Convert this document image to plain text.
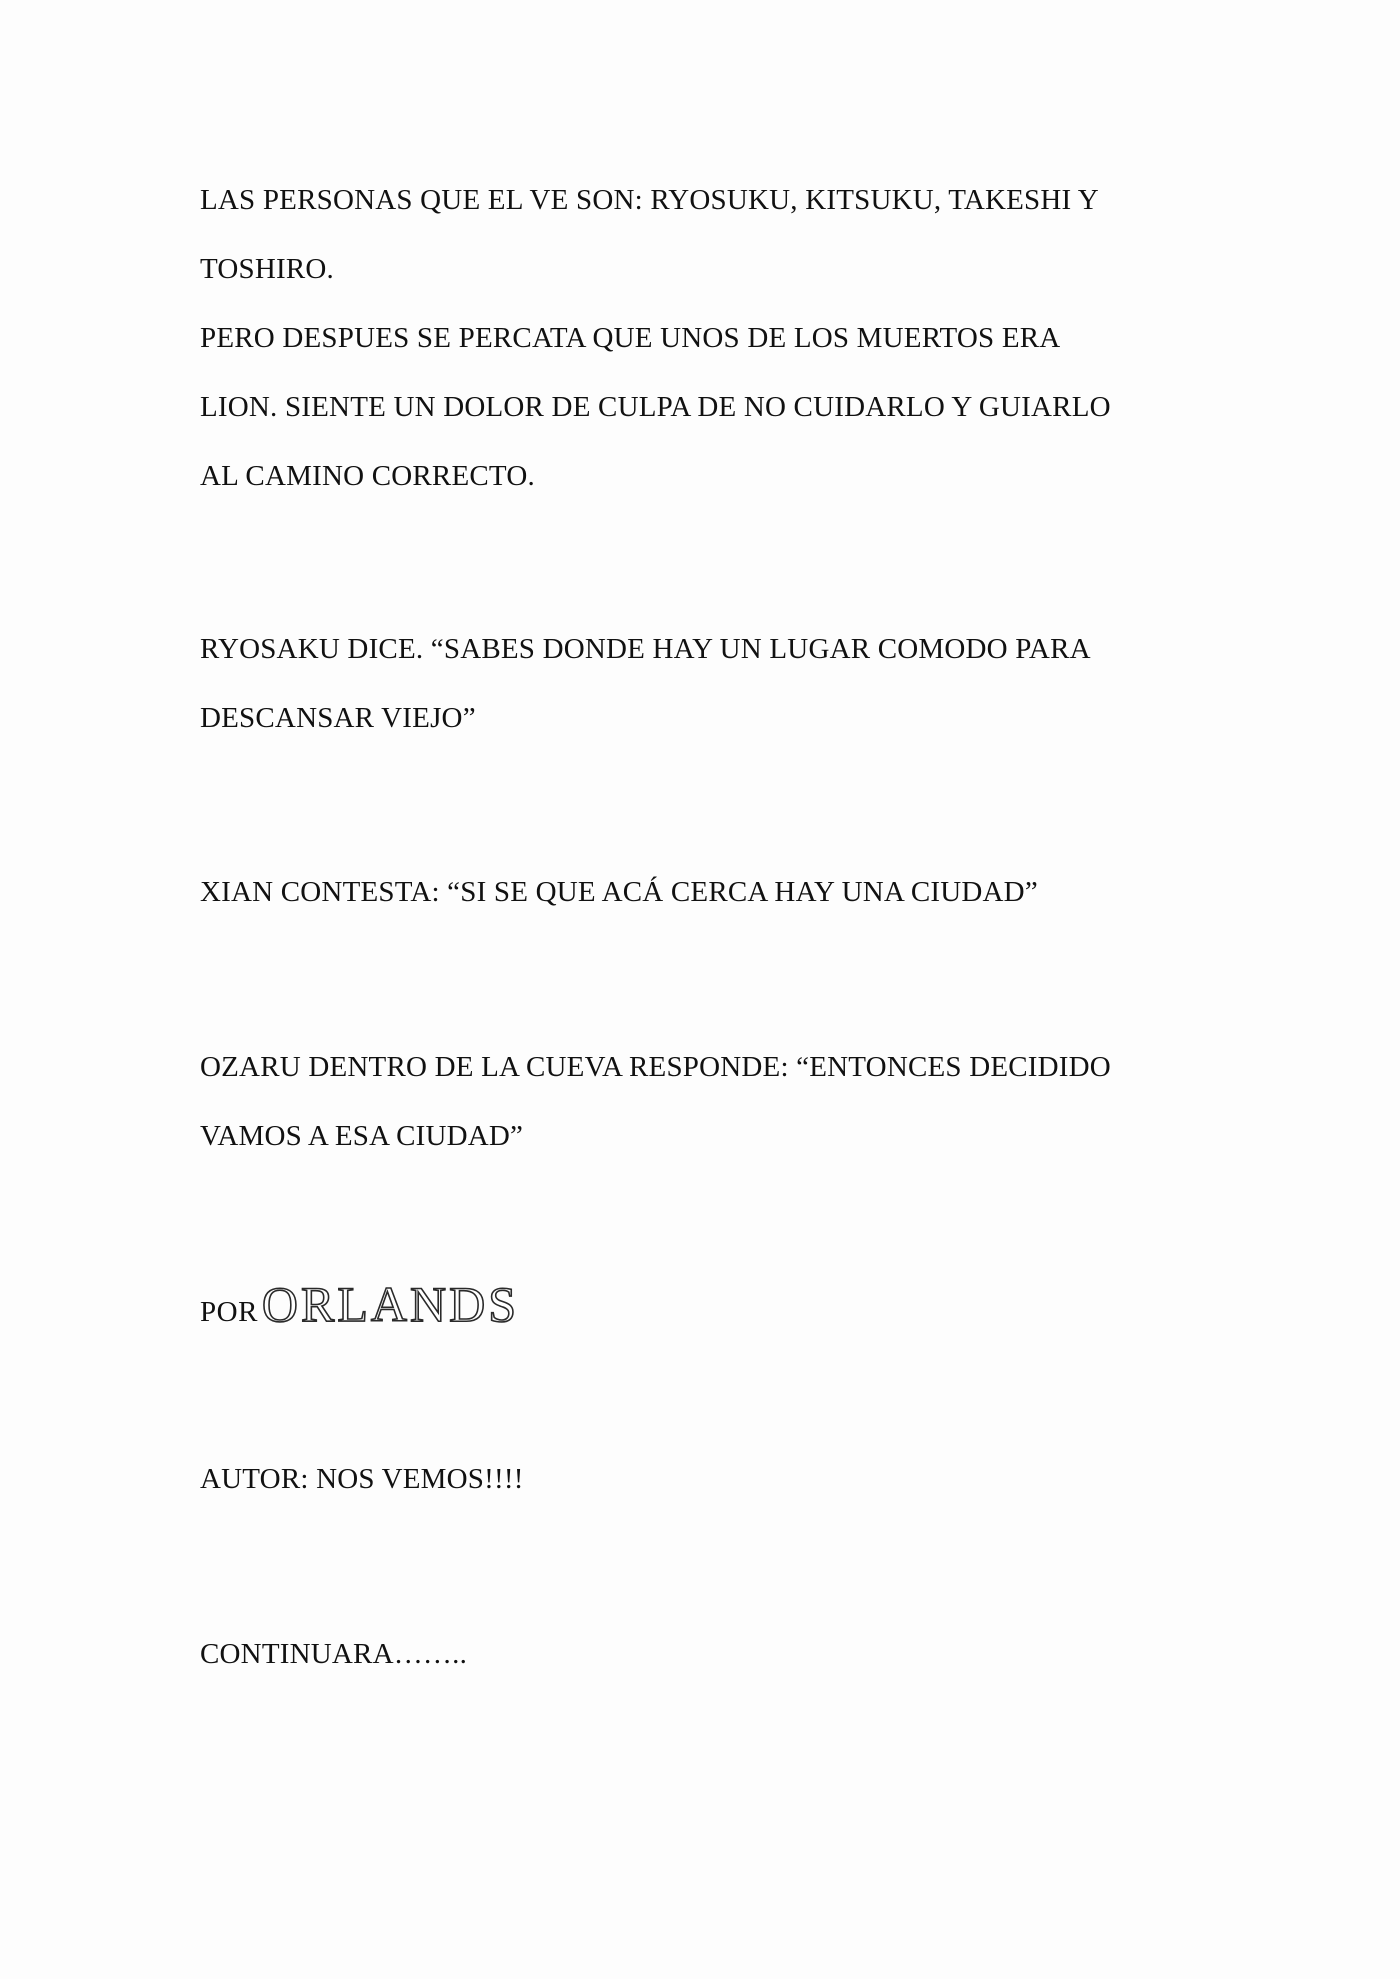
LAS PERSONAS QUE EL VE SON: RYOSUKU, KITSUKU, TAKESHI Y
TOSHIRO.
PERO DESPUES SE PERCATA QUE UNOS DE LOS MUERTOS ERA
LION. SIENTE UN DOLOR DE CULPA DE NO CUIDARLO Y GUIARLO
AL CAMINO CORRECTO.
RYOSAKU DICE. “SABES DONDE HAY UN LUGAR COMODO PARA
DESCANSAR VIEJO”
XIAN CONTESTA: “SI SE QUE ACÁ CERCA HAY UNA CIUDAD”
OZARU DENTRO DE LA CUEVA RESPONDE: “ENTONCES DECIDIDO
VAMOS A ESA CIUDAD”
POR ORLANDS
AUTOR: NOS VEMOS!!!!
CONTINUARA……..
